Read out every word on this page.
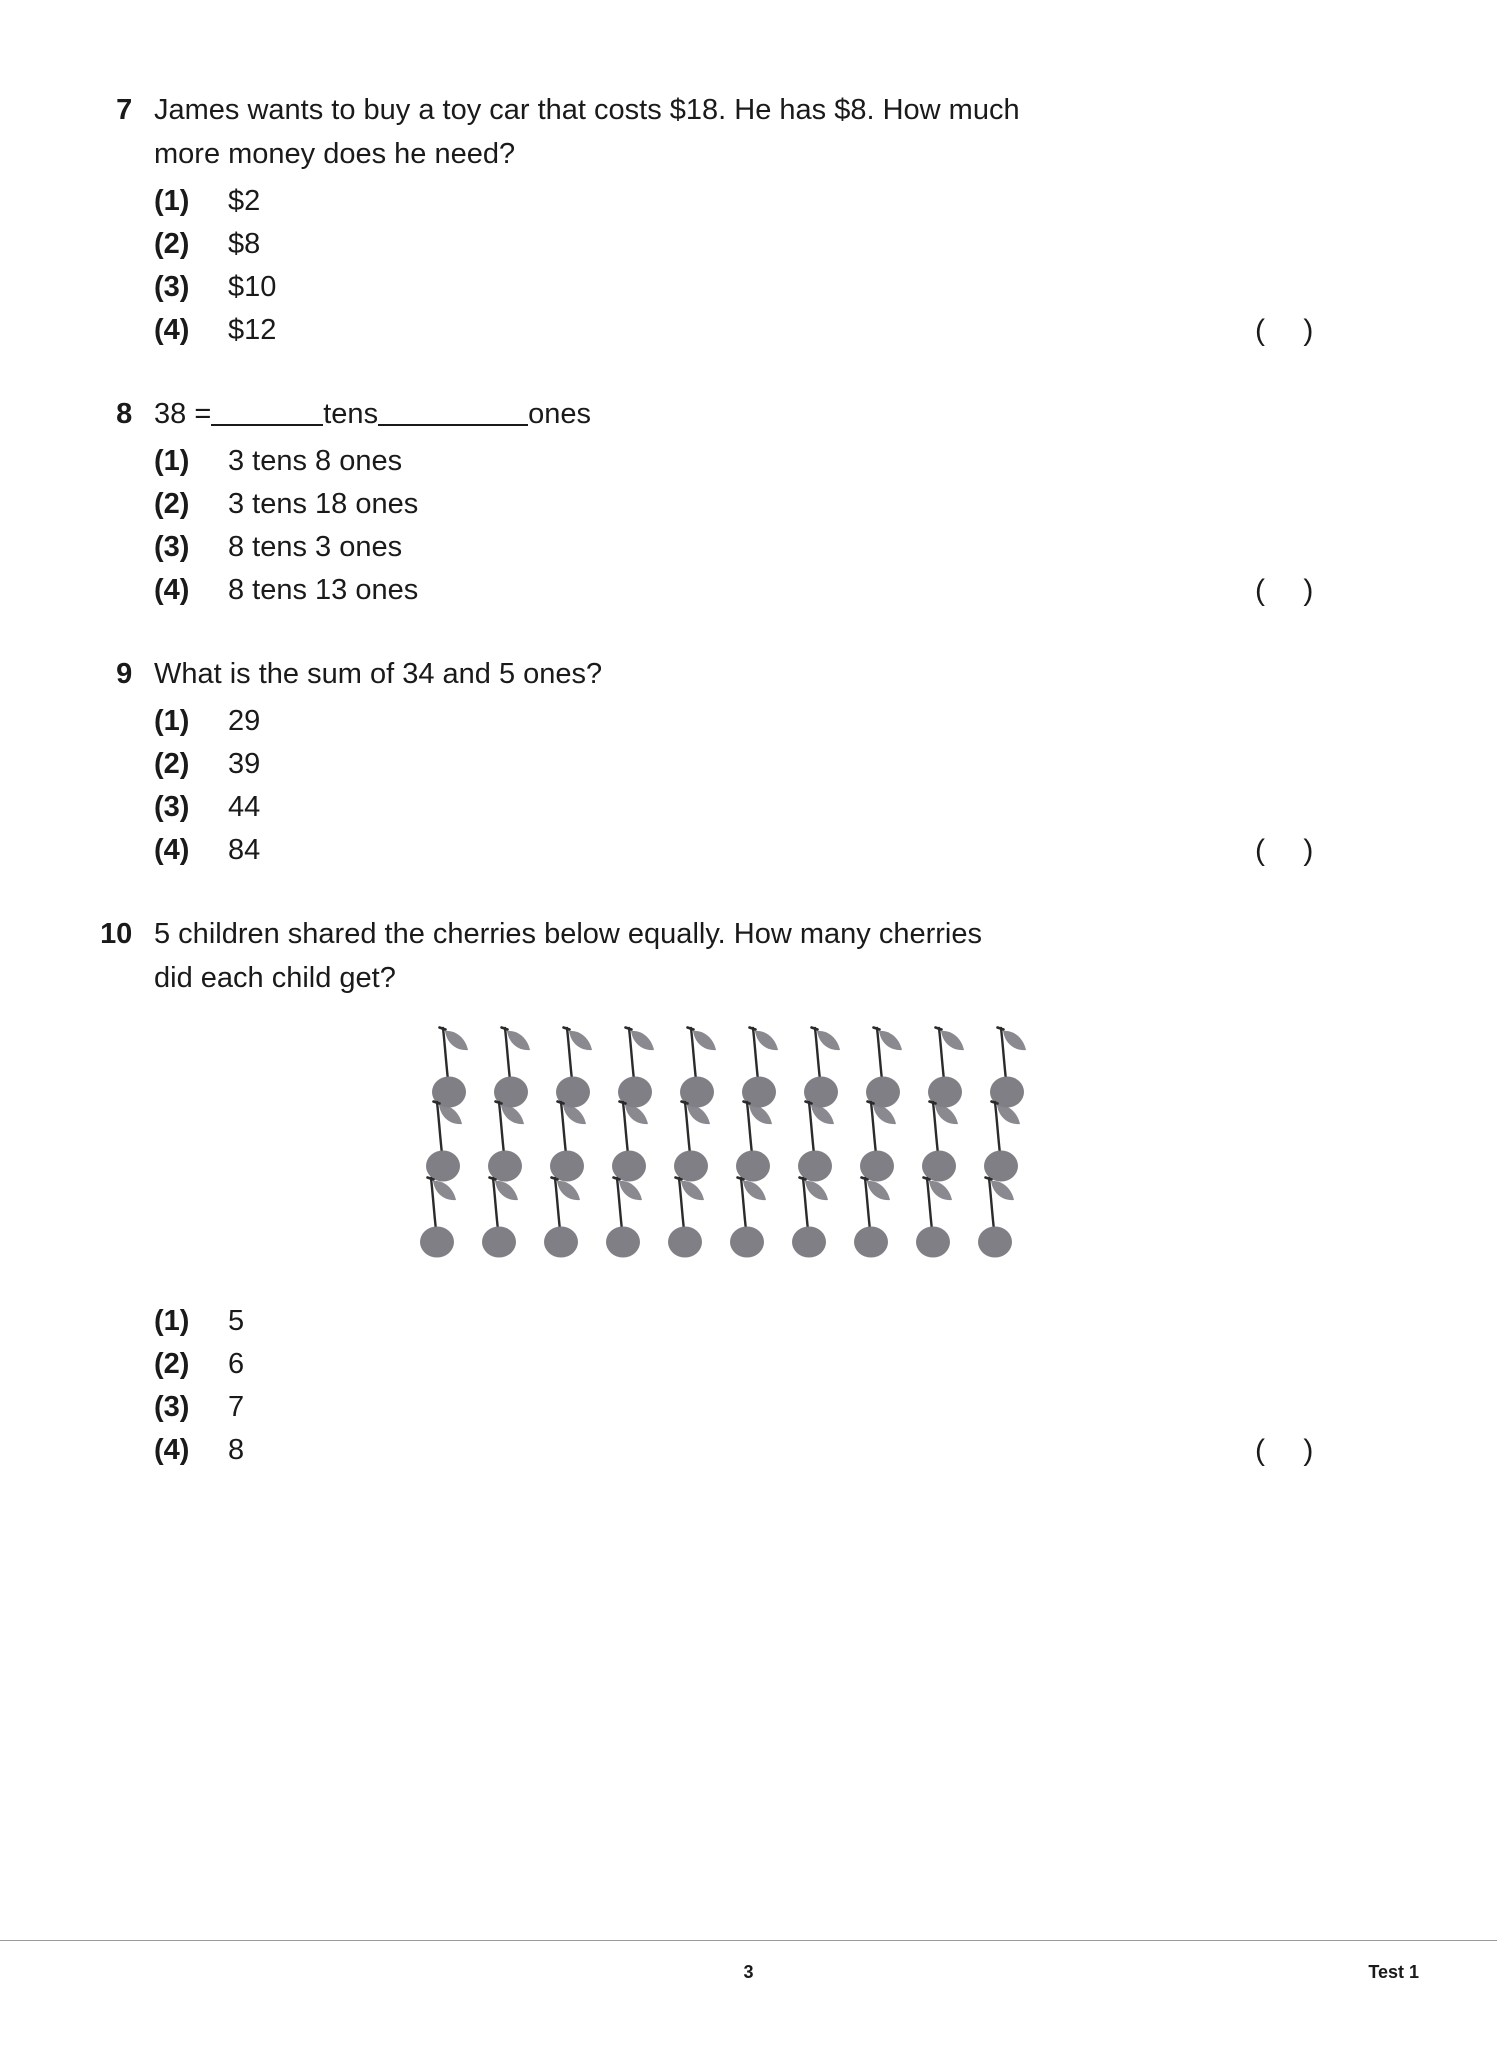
7 James wants to buy a toy car that costs $18. He has $8. How much more money does he need?
(1)	$2
(2)	$8
(3)	$10
(4)	$12	(    )
8 38 =	tens	ones
(1)	3 tens 8 ones
(2)	3 tens 18 ones
(3)	8 tens 3 ones
(4)	8 tens 13 ones	(    )
9 What is the sum of 34 and 5 ones?
(1)	29
(2)	39
(3)	44
(4)	84	(    )
10 5 children shared the cherries below equally. How many cherries did each child get?
(1)	5
(2)	6
(3)	7
(4)	8	(    )
3	Test 1
